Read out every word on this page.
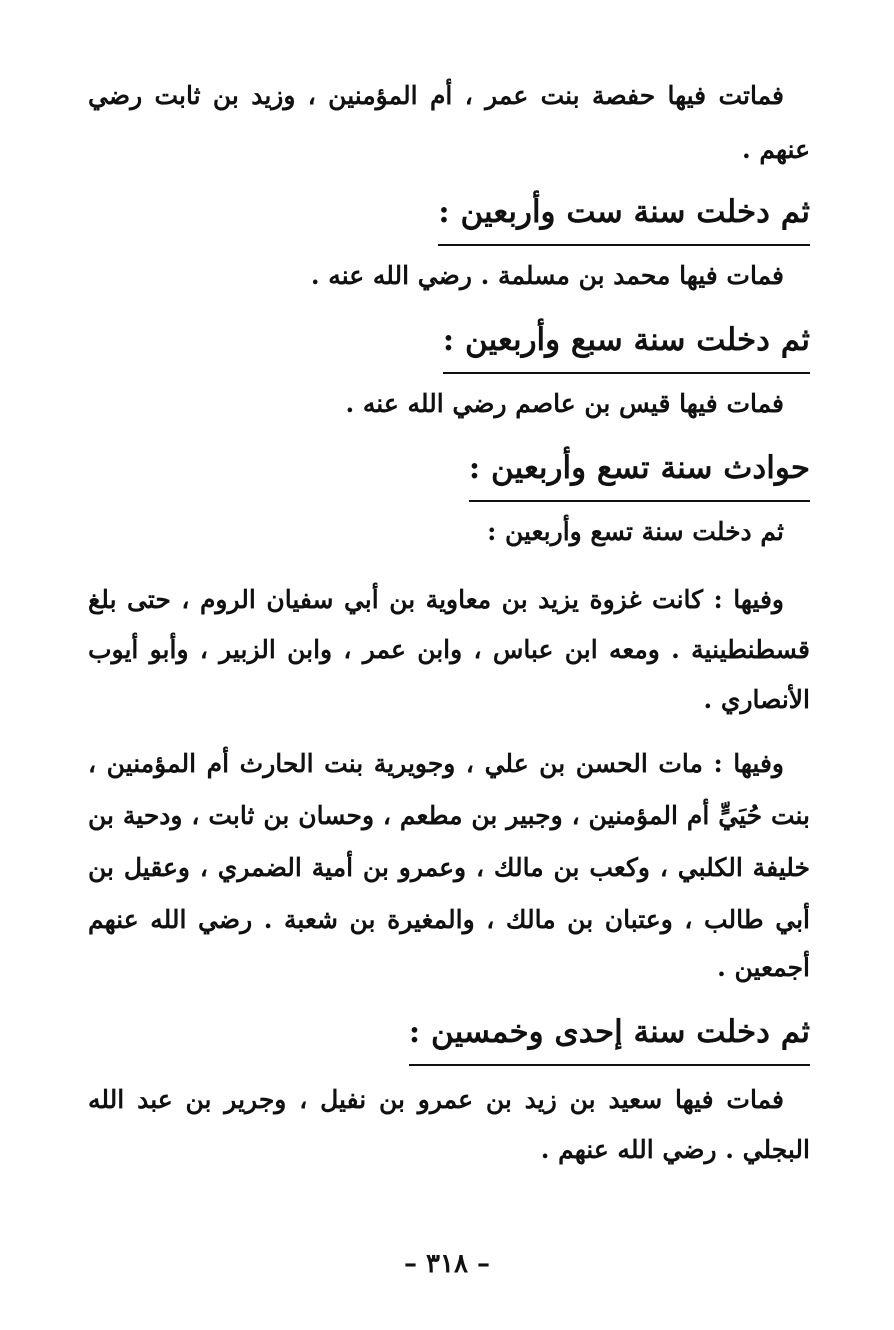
فماتت فيها حفصة بنت عمر ، أم المؤمنين ، وزيد بن ثابت رضي
عنهم .
ثم دخلت سنة ست وأربعين :
فمات فيها محمد بن مسلمة . رضي الله عنه .
ثم دخلت سنة سبع وأربعين :
فمات فيها قيس بن عاصم رضي الله عنه .
حوادث سنة تسع وأربعين :
ثم دخلت سنة تسع وأربعين :
وفيها : كانت غزوة يزيد بن معاوية بن أبي سفيان الروم ، حتى بلغ
قسطنطينية . ومعه ابن عباس ، وابن عمر ، وابن الزبير ، وأبو أيوب
الأنصاري .
وفيها : مات الحسن بن علي ، وجويرية بنت الحارث أم المؤمنين ،
بنت حُيَيٍّ أم المؤمنين ، وجبير بن مطعم ، وحسان بن ثابت ، ودحية بن
خليفة الكلبي ، وكعب بن مالك ، وعمرو بن أمية الضمري ، وعقيل بن
أبي طالب ، وعتبان بن مالك ، والمغيرة بن شعبة . رضي الله عنهم
أجمعين .
ثم دخلت سنة إحدى وخمسين :
فمات فيها سعيد بن زيد بن عمرو بن نفيل ، وجرير بن عبد الله
البجلي . رضي الله عنهم .
– ٣١٨ –
